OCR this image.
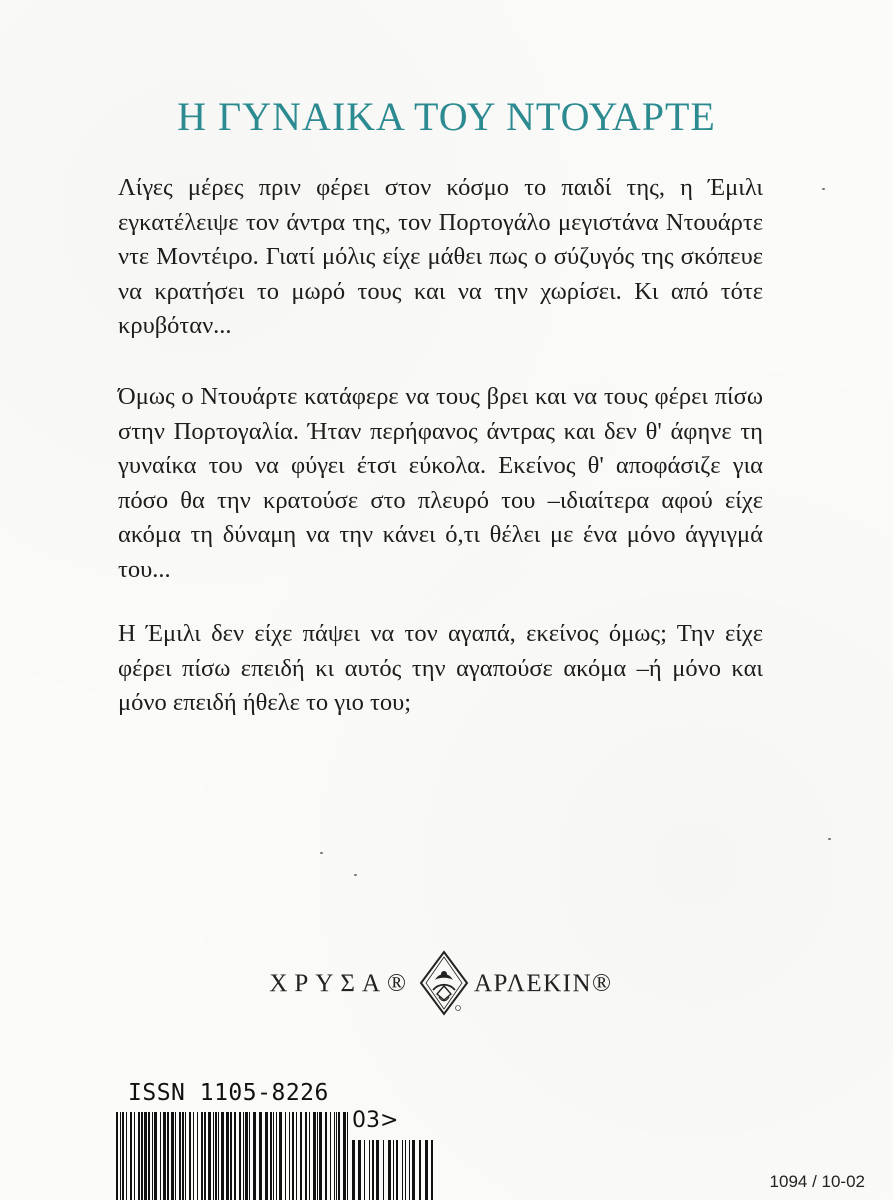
Η ΓΥΝΑΙΚΑ ΤΟΥ ΝΤΟΥΑΡΤΕ

Λίγες μέρες πριν φέρει στον κόσμο το παιδί της, η Έμιλι εγκατέλειψε τον άντρα της, τον Πορτογάλο μεγιστάνα Ντουάρτε ντε Μοντέιρο. Γιατί μόλις είχε μάθει πως ο σύζυγός της σκόπευε να κρατήσει το μωρό τους και να την χωρίσει. Κι από τότε κρυβόταν...

Όμως ο Ντουάρτε κατάφερε να τους βρει και να τους φέρει πίσω στην Πορτογαλία. Ήταν περήφανος άντρας και δεν θ' άφηνε τη γυναίκα του να φύγει έτσι εύκολα. Εκείνος θ' αποφάσιζε για πόσο θα την κρατούσε στο πλευρό του –ιδιαίτερα αφού είχε ακόμα τη δύναμη να την κάνει ό,τι θέλει με ένα μόνο άγγιγμά του...

Η Έμιλι δεν είχε πάψει να τον αγαπά, εκείνος όμως; Την είχε φέρει πίσω επειδή κι αυτός την αγαπούσε ακόμα –ή μόνο και μόνο επειδή ήθελε το γιο του;

ΧΡΥΣΑ® ΑΡΛΕΚΙΝ®
ISSN 1105-8226
03>
1094 / 10-02
